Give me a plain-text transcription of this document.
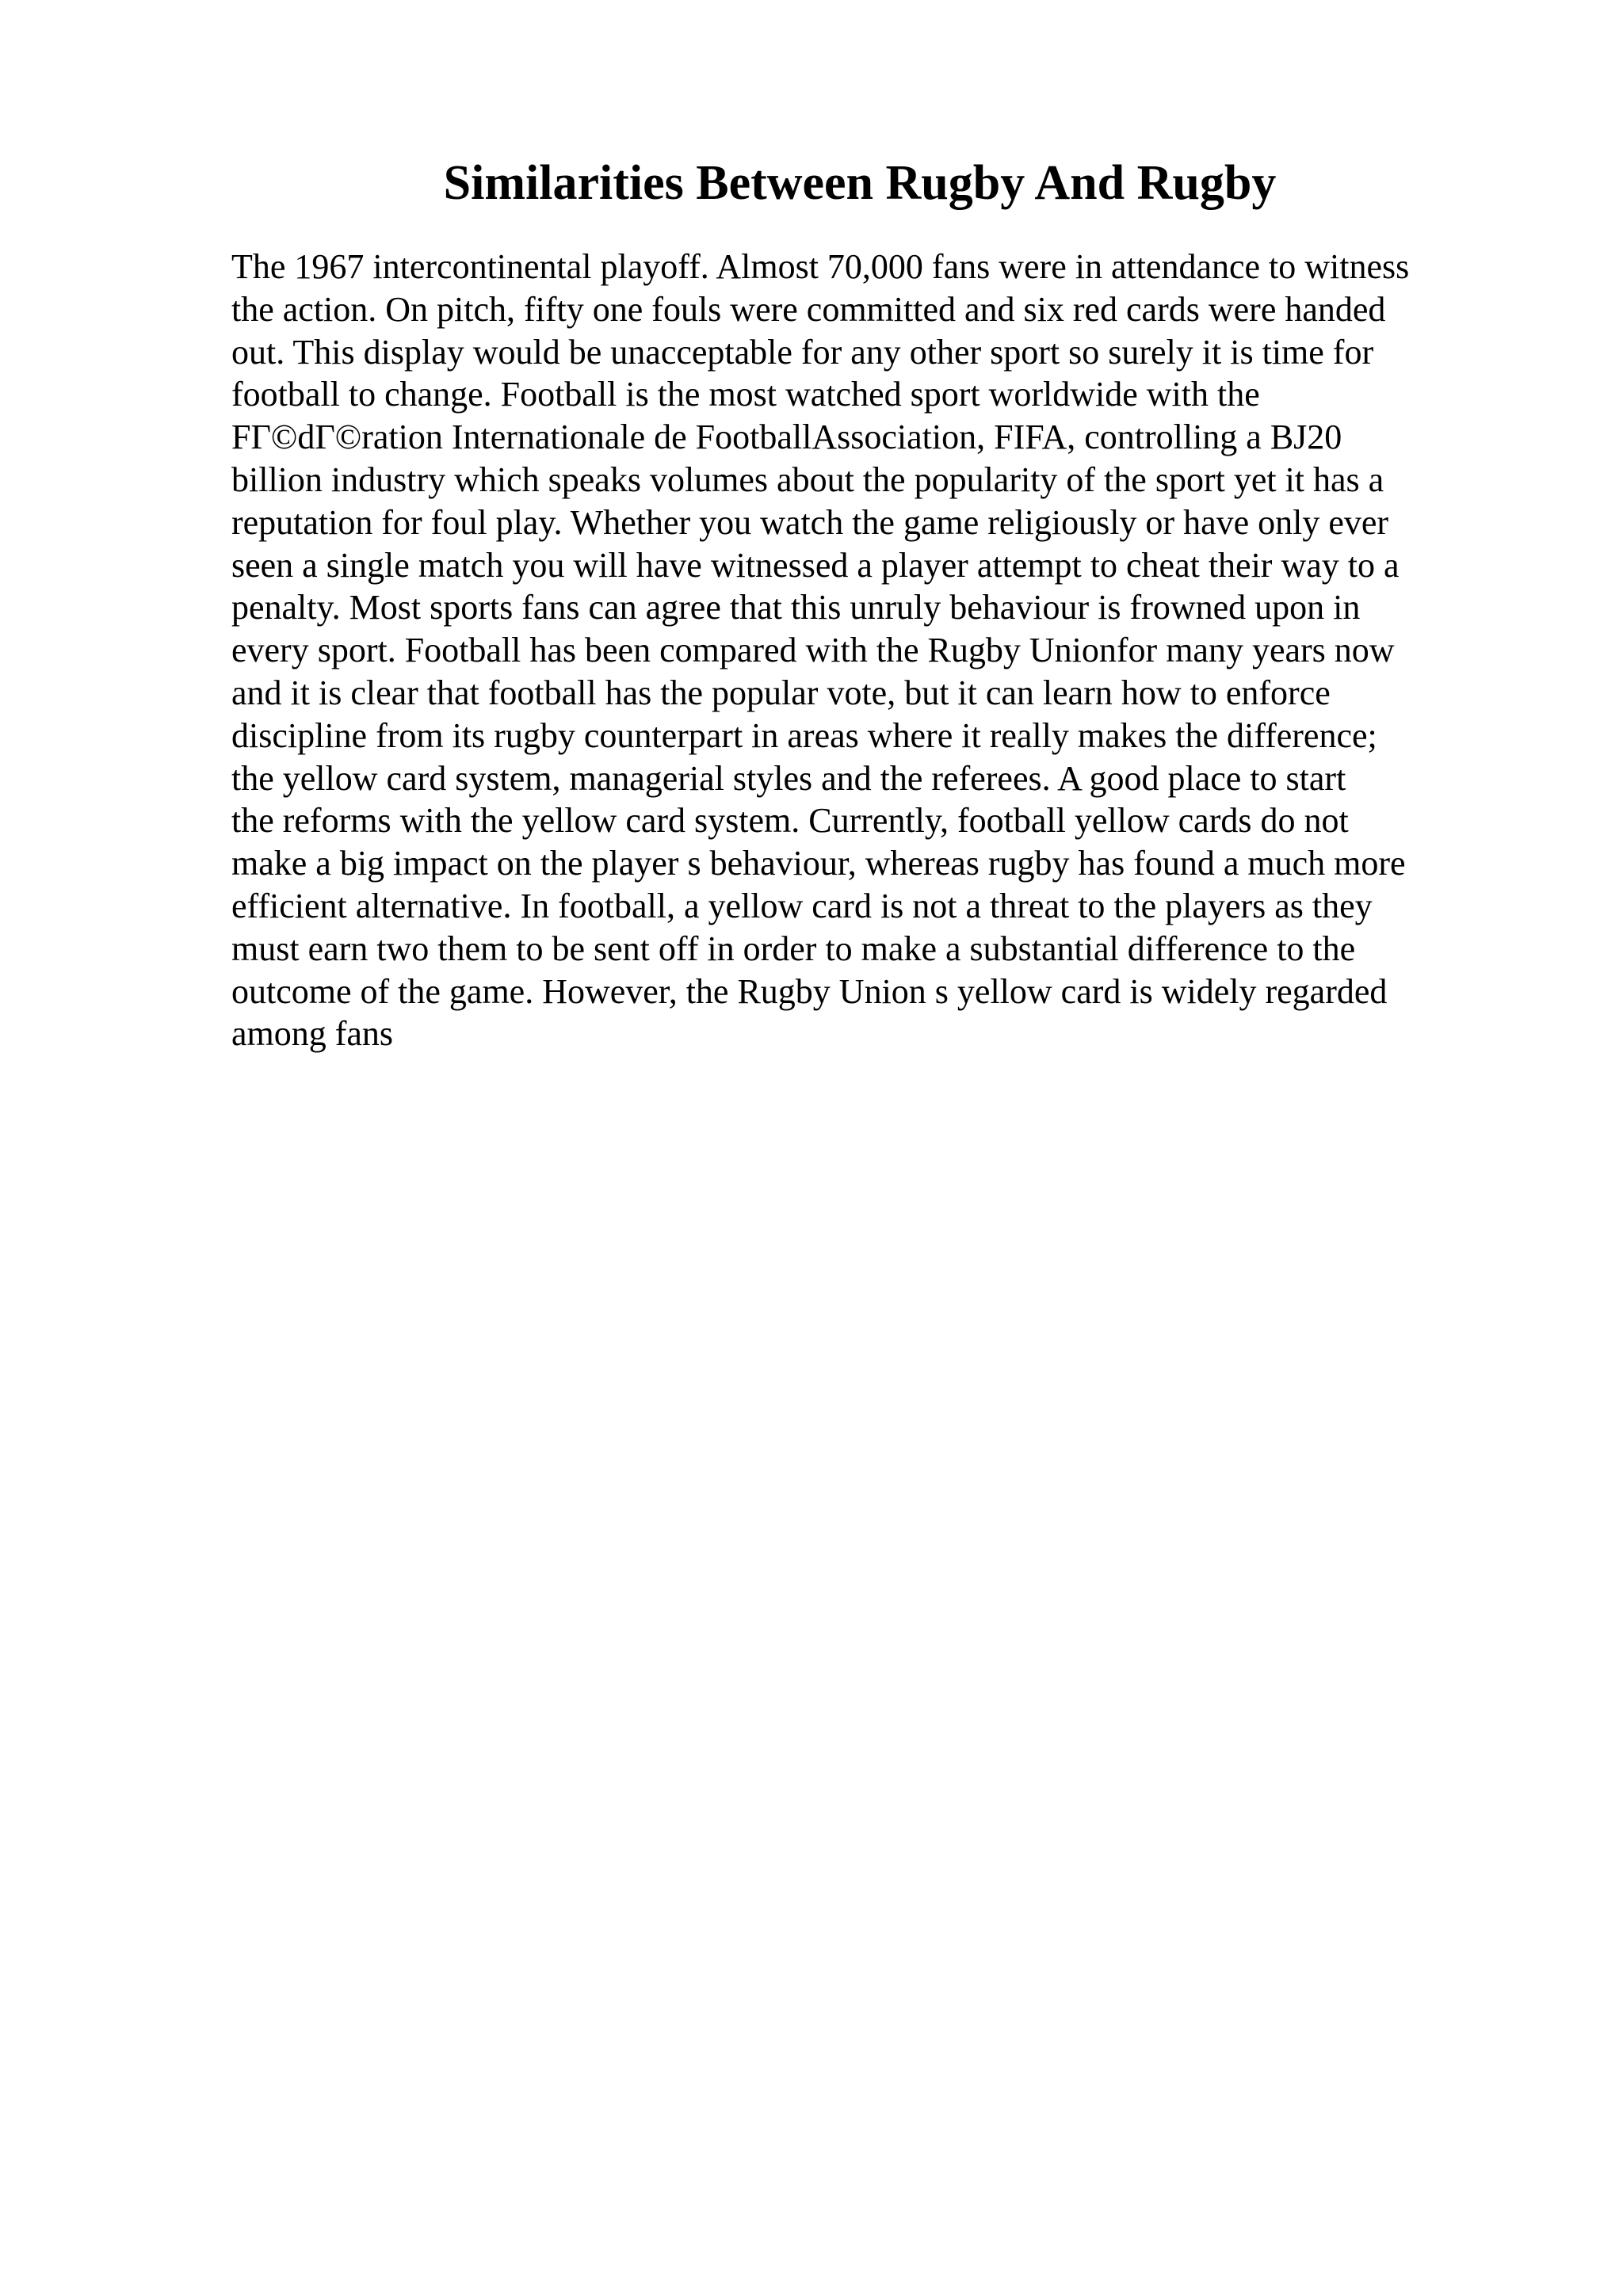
Similarities Between Rugby And Rugby
The 1967 intercontinental playoff. Almost 70,000 fans were in attendance to witness
the action. On pitch, fifty one fouls were committed and six red cards were handed
out. This display would be unacceptable for any other sport so surely it is time for
football to change. Football is the most watched sport worldwide with the
FГ©dГ©ration Internationale de FootballAssociation, FIFA, controlling a BJ20
billion industry which speaks volumes about the popularity of the sport yet it has a
reputation for foul play. Whether you watch the game religiously or have only ever
seen a single match you will have witnessed a player attempt to cheat their way to a
penalty. Most sports fans can agree that this unruly behaviour is frowned upon in
every sport. Football has been compared with the Rugby Unionfor many years now
and it is clear that football has the popular vote, but it can learn how to enforce
discipline from its rugby counterpart in areas where it really makes the difference;
the yellow card system, managerial styles and the referees. A good place to start
the reforms with the yellow card system. Currently, football yellow cards do not
make a big impact on the player s behaviour, whereas rugby has found a much more
efficient alternative. In football, a yellow card is not a threat to the players as they
must earn two them to be sent off in order to make a substantial difference to the
outcome of the game. However, the Rugby Union s yellow card is widely regarded
among fans
